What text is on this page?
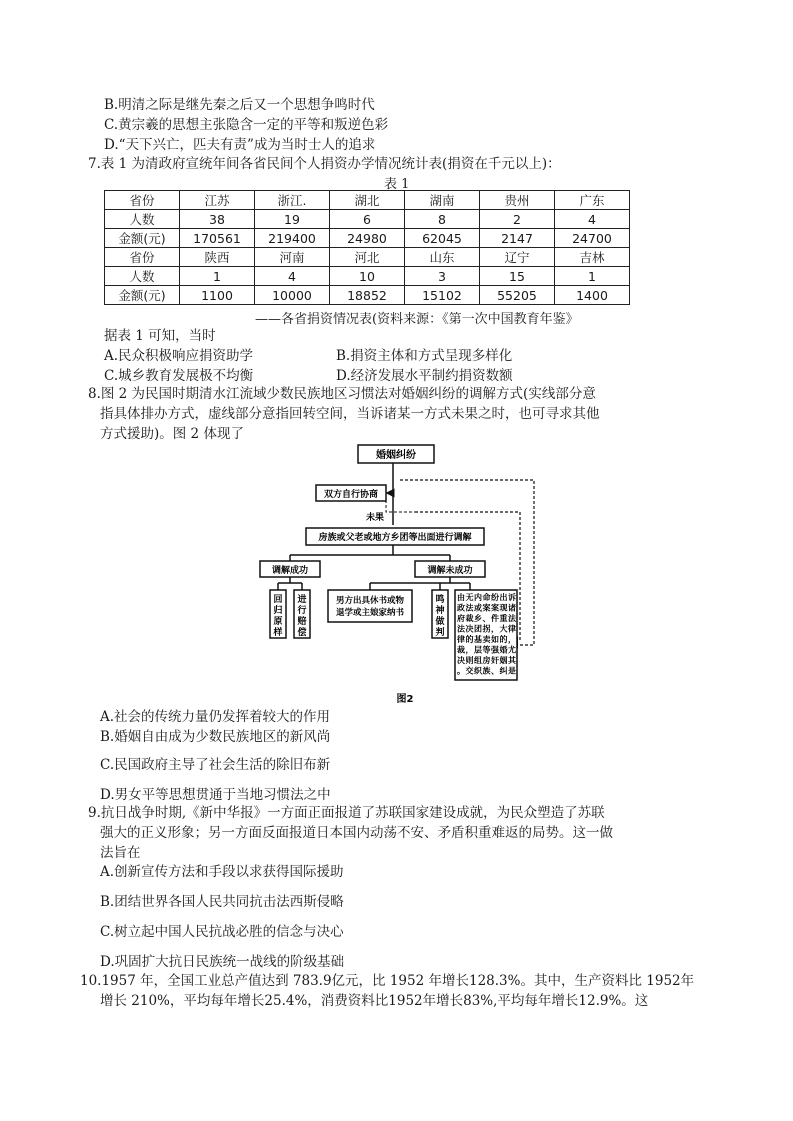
B.明清之际是继先秦之后又一个思想争鸣时代
C.黄宗羲的思想主张隐含一定的平等和叛逆色彩
D.“天下兴亡，匹夫有责”成为当时士人的追求
7.表 1 为清政府宣统年间各省民间个人捐资办学情况统计表(捐资在千元以上)：
表 1
省份	江苏	浙江.	湖北	湖南	贵州	广东
人数	38	19	6	8	2	4
金额(元)	170561	219400	24980	62045	2147	24700
省份	陕西	河南	河北	山东	辽宁	吉林
人数	1	4	10	3	15	1
金额(元)	1100	10000	18852	15102	55205	1400
——各省捐资情况表(资料来源：《第一次中国教育年鉴》
据表 1 可知，当时
A.民众积极响应捐资助学	B.捐资主体和方式呈现多样化
C.城乡教育发展极不均衡	D.经济发展水平制约捐资数额
8.图 2 为民国时期清水江流域少数民族地区习惯法对婚姻纠纷的调解方式(实线部分意
指具体排办方式，虚线部分意指回转空间，当诉诸某一方式未果之时，也可寻求其他
方式援助)。图 2 体现了
婚姻纠纷
双方自行协商
未果
房族或父老或地方乡团等出面进行调解
调解成功	调解未成功
回归原样
进行赔偿
男方出具休书或物退学或主娘家纳书
鸣神做判
诉
诸
法
律
，
尤
其
是
出
现
重
大
的
婚
姻
纠
纷
案
件
，
如
强
奸
、
命
案
、
拐
卖
等
房
族
内
或
乡
团
基
层
组
织
无
法
裁
决
的
，
则
交
由
政
府
法
律
裁
决
。
图2
A.社会的传统力量仍发挥着较大的作用
B.婚姻自由成为少数民族地区的新风尚
C.民国政府主导了社会生活的除旧布新
D.男女平等思想贯通于当地习惯法之中
9.抗日战争时期,《新中华报》一方面正面报道了苏联国家建设成就，为民众塑造了苏联
强大的正义形象；另一方面反面报道日本国内动荡不安、矛盾积重难返的局势。这一做
法旨在
A.创新宣传方法和手段以求获得国际援助
B.团结世界各国人民共同抗击法西斯侵略
C.树立起中国人民抗战必胜的信念与决心
D.巩固扩大抗日民族统一战线的阶级基础
10.1957 年，全国工业总产值达到 783.9亿元，比 1952 年增长128.3%。其中，生产资料比 1952年
增长 210%，平均每年增长25.4%，消费资料比1952年增长83%,平均每年增长12.9%。这
